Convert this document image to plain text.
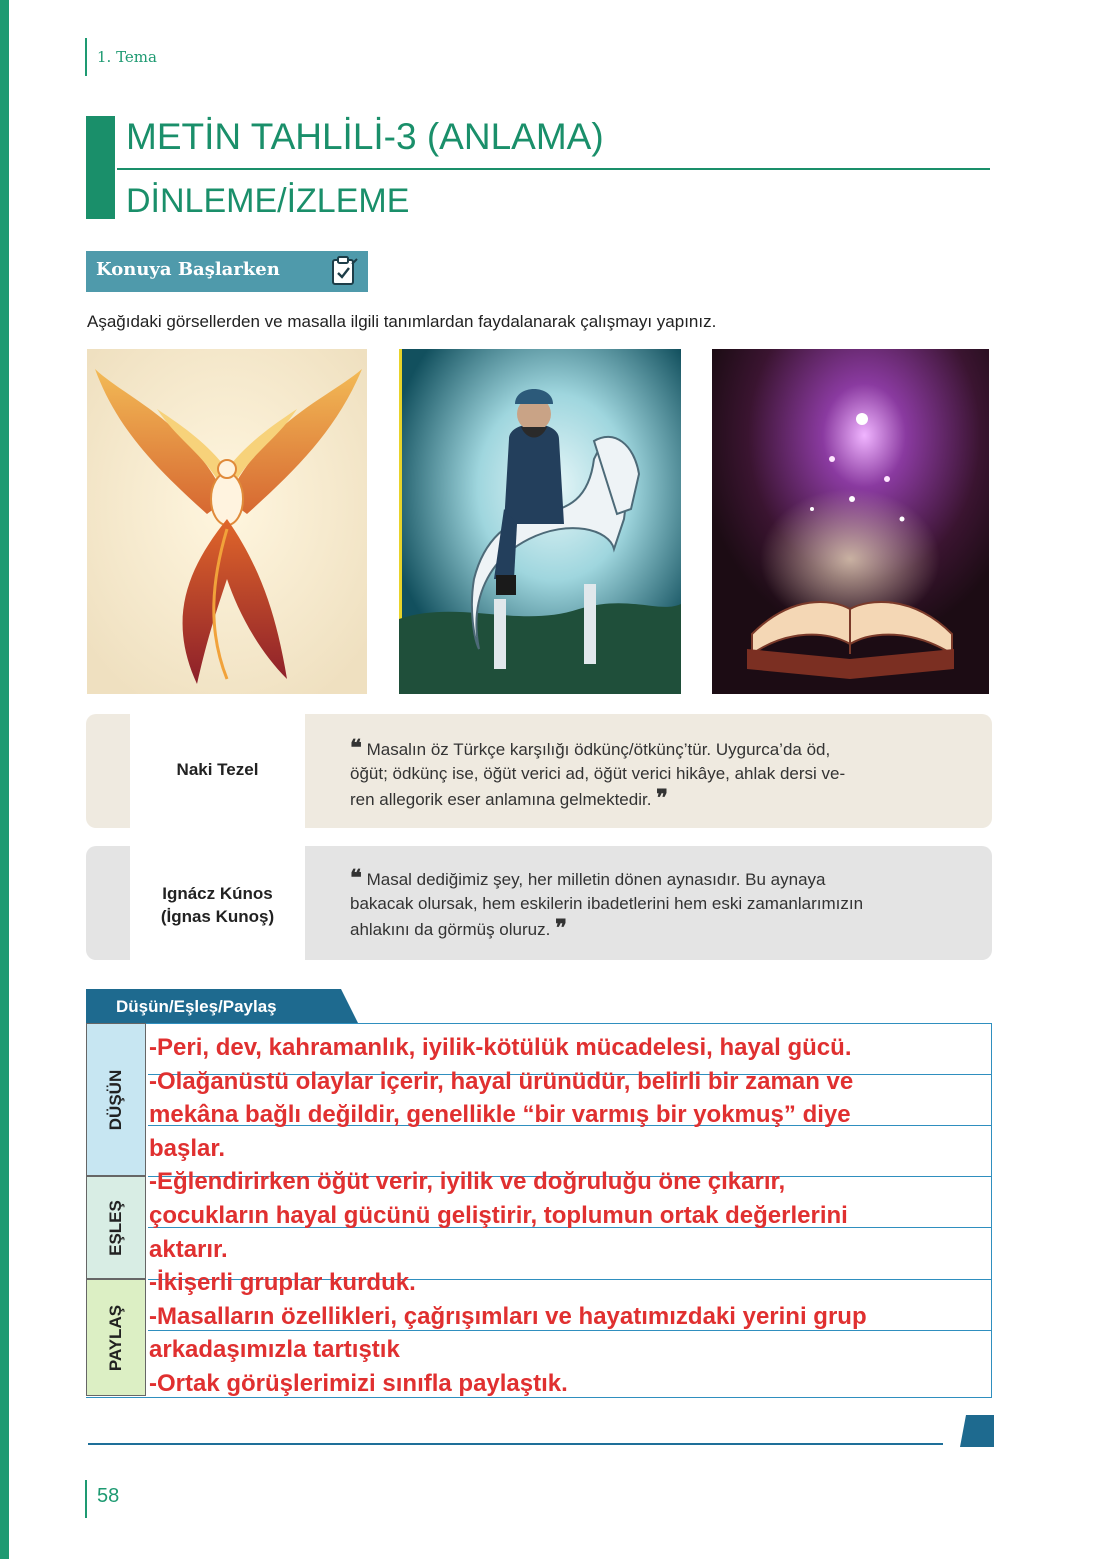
1. Tema
METİN TAHLİLİ-3 (ANLAMA)
DİNLEME/İZLEME
Konuya Başlarken
Aşağıdaki görsellerden ve masalla ilgili tanımlardan faydalanarak çalışmayı yapınız.
Naki Tezel
❝ Masalın öz Türkçe karşılığı ödkünç/ötkünç’tür. Uygurca’da öd,
öğüt; ödkünç ise, öğüt verici ad, öğüt verici hikâye, ahlak dersi ve-
ren allegorik eser anlamına gelmektedir. ❞
Ignácz Kúnos
(İgnas Kunoş)
❝ Masal dediğimiz şey, her milletin dönen aynasıdır. Bu aynaya
bakacak olursak, hem eskilerin ibadetlerini hem eski zamanlarımızın
ahlakını da görmüş oluruz. ❞
Düşün/Eşleş/Paylaş
DÜŞÜN
EŞLEŞ
PAYLAŞ
-Peri, dev, kahramanlık, iyilik-kötülük mücadelesi, hayal gücü.
-Olağanüstü olaylar içerir, hayal ürünüdür, belirli bir zaman ve
mekâna bağlı değildir, genellikle “bir varmış bir yokmuş” diye
başlar.
-Eğlendirirken öğüt verir, iyilik ve doğruluğu öne çıkarır,
çocukların hayal gücünü geliştirir, toplumun ortak değerlerini
aktarır.
-İkişerli gruplar kurduk.
-Masalların özellikleri, çağrışımları ve hayatımızdaki yerini grup
arkadaşımızla tartıştık
-Ortak görüşlerimizi sınıfla paylaştık.
58
